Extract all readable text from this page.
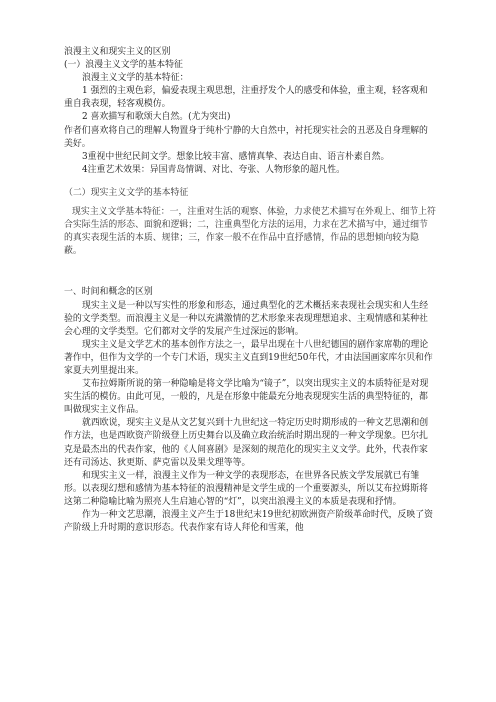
浪漫主义和现实主义的区别

(一）浪漫主义文学的基本特征

浪漫主义文学的基本特征：

1 强烈的主观色彩，偏爱表现主观思想，注重抒发个人的感受和体验，重主观，轻客观和重自我表现，轻客观模仿。

2 喜欢描写和歌颂大自然。(尤为突出)

作者们喜欢将自己的理解人物置身于纯朴宁静的大自然中，衬托现实社会的丑恶及自身理解的美好。

3重视中世纪民间文学。想象比较丰富、感情真挚、表达自由、语言朴素自然。

4注重艺术效果：异国青岛情调、对比、夸张、人物形象的超凡性。

（二）现实主义文学的基本特征

现实主义文学基本特征：一，注重对生活的观察、体验，力求使艺术描写在外观上、细节上符合实际生活的形态、面貌和逻辑；二，注重典型化方法的运用，力求在艺术描写中，通过细节的真实表现生活的本质、规律；三，作家一般不在作品中直抒感情，作品的思想倾向较为隐蔽。

一、时间和概念的区别

现实主义是一种以写实性的形象和形态，通过典型化的艺术概括来表现社会现实和人生经验的文学类型。而浪漫主义是一种以充满激情的艺术形象来表现理想追求、主观情感和某种社会心理的文学类型。它们都对文学的发展产生过深远的影响。

现实主义是文学艺术的基本创作方法之一，最早出现在十八世纪德国的剧作家席勒的理论著作中，但作为文学的一个专门术语，现实主义直到19世纪50年代，才由法国画家库尔贝和作家夏夫列里提出来。

艾布拉姆斯所说的第一种隐喻是将文学比喻为“镜子”，以突出现实主义的本质特征是对现实生活的模仿。由此可见，一般的，凡是在形象中能最充分地表现现实生活的典型特征的，都叫做现实主义作品。

就西欧说，现实主义是从文艺复兴到十九世纪这一特定历史时期形成的一种文艺思潮和创作方法，也是西欧资产阶级登上历史舞台以及确立政治统治时期出现的一种文学现象。巴尔扎克是最杰出的代表作家，他的《人间喜剧》是深刻的规范化的现实主义文学。此外，代表作家还有司汤达、狄更斯、萨克雷以及果戈理等等。

和现实主义一样，浪漫主义作为一种文学的表现形态，在世界各民族文学发展就已有雏形。以表现幻想和感情为基本特征的浪漫精神是文学生成的一个重要源头，所以艾布拉姆斯将这第二种隐喻比喻为照亮人生启迪心智的“灯”，以突出浪漫主义的本质是表现和抒情。

作为一种文艺思潮，浪漫主义产生于18世纪末19世纪初欧洲资产阶级革命时代，反映了资产阶级上升时期的意识形态。代表作家有诗人拜伦和雪莱，他
